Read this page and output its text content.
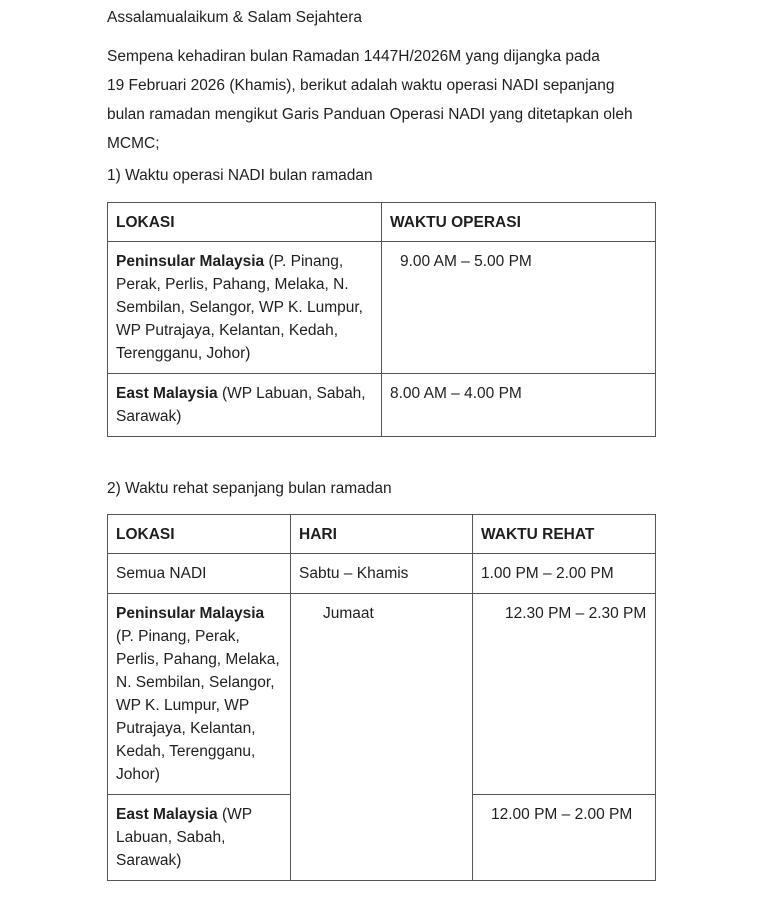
Assalamualaikum & Salam Sejahtera
Sempena kehadiran bulan Ramadan 1447H/2026M yang dijangka pada
19 Februari 2026 (Khamis), berikut adalah waktu operasi NADI sepanjang
bulan ramadan mengikut Garis Panduan Operasi NADI yang ditetapkan oleh
MCMC;
1) Waktu operasi NADI bulan ramadan
LOKASI	WAKTU OPERASI
Peninsular Malaysia (P. Pinang, Perak, Perlis, Pahang, Melaka, N. Sembilan, Selangor, WP K. Lumpur, WP Putrajaya, Kelantan, Kedah, Terengganu, Johor)	9.00 AM – 5.00 PM
East Malaysia (WP Labuan, Sabah, Sarawak)	8.00 AM – 4.00 PM
2) Waktu rehat sepanjang bulan ramadan
LOKASI	HARI	WAKTU REHAT
Semua NADI	Sabtu – Khamis	1.00 PM – 2.00 PM
Peninsular Malaysia (P. Pinang, Perak, Perlis, Pahang, Melaka, N. Sembilan, Selangor, WP K. Lumpur, WP Putrajaya, Kelantan, Kedah, Terengganu, Johor)	Jumaat	12.30 PM – 2.30 PM
East Malaysia (WP Labuan, Sabah, Sarawak)		12.00 PM – 2.00 PM
